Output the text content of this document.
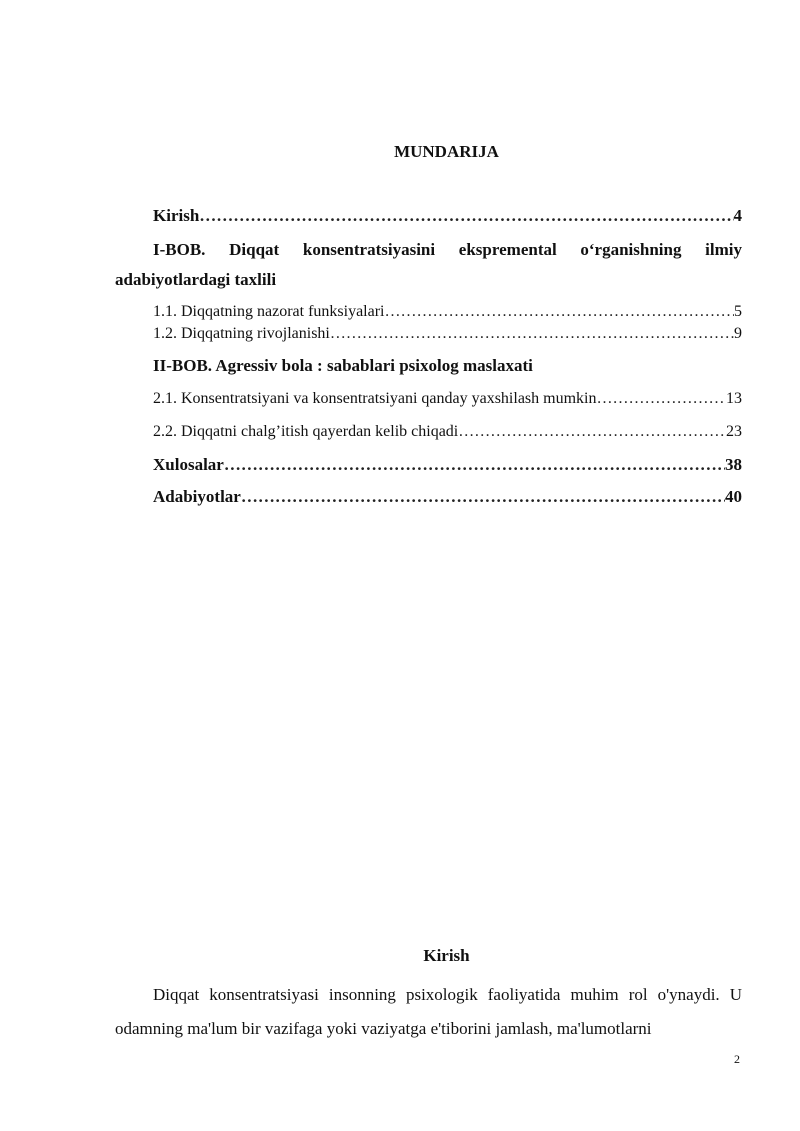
MUNDARIJA
Kirish …………………………………………………………………………………………………………………………………………………………………………………………	4
I-BOB. Diqqat konsentratsiyasini ekspremental o‘rganishning ilmiy adabiyotlardagi taxlili
1.1. Diqqatning nazorat funksiyalari …………………………………………………………………………………………………………………………………………………………………………………………	5
1.2. Diqqatning rivojlanishi …………………………………………………………………………………………………………………………………………………………………………………………	9
II-BOB. Agressiv bola : sabablari psixolog maslaxati
2.1. Konsentratsiyani va konsentratsiyani qanday yaxshilash mumkin …………………………………………………………………………………………………………………………………………………………………………………………	13
2.2. Diqqatni chalg’itish qayerdan kelib chiqadi …………………………………………………………………………………………………………………………………………………………………………………………	23
Xulosalar …………………………………………………………………………………………………………………………………………………………………………………………	38
Adabiyotlar …………………………………………………………………………………………………………………………………………………………………………………………	40
Kirish
Diqqat konsentratsiyasi insonning psixologik faoliyatida muhim rol o'ynaydi. U odamning ma'lum bir vazifaga yoki vaziyatga e'tiborini jamlash, ma'lumotlarni
2
